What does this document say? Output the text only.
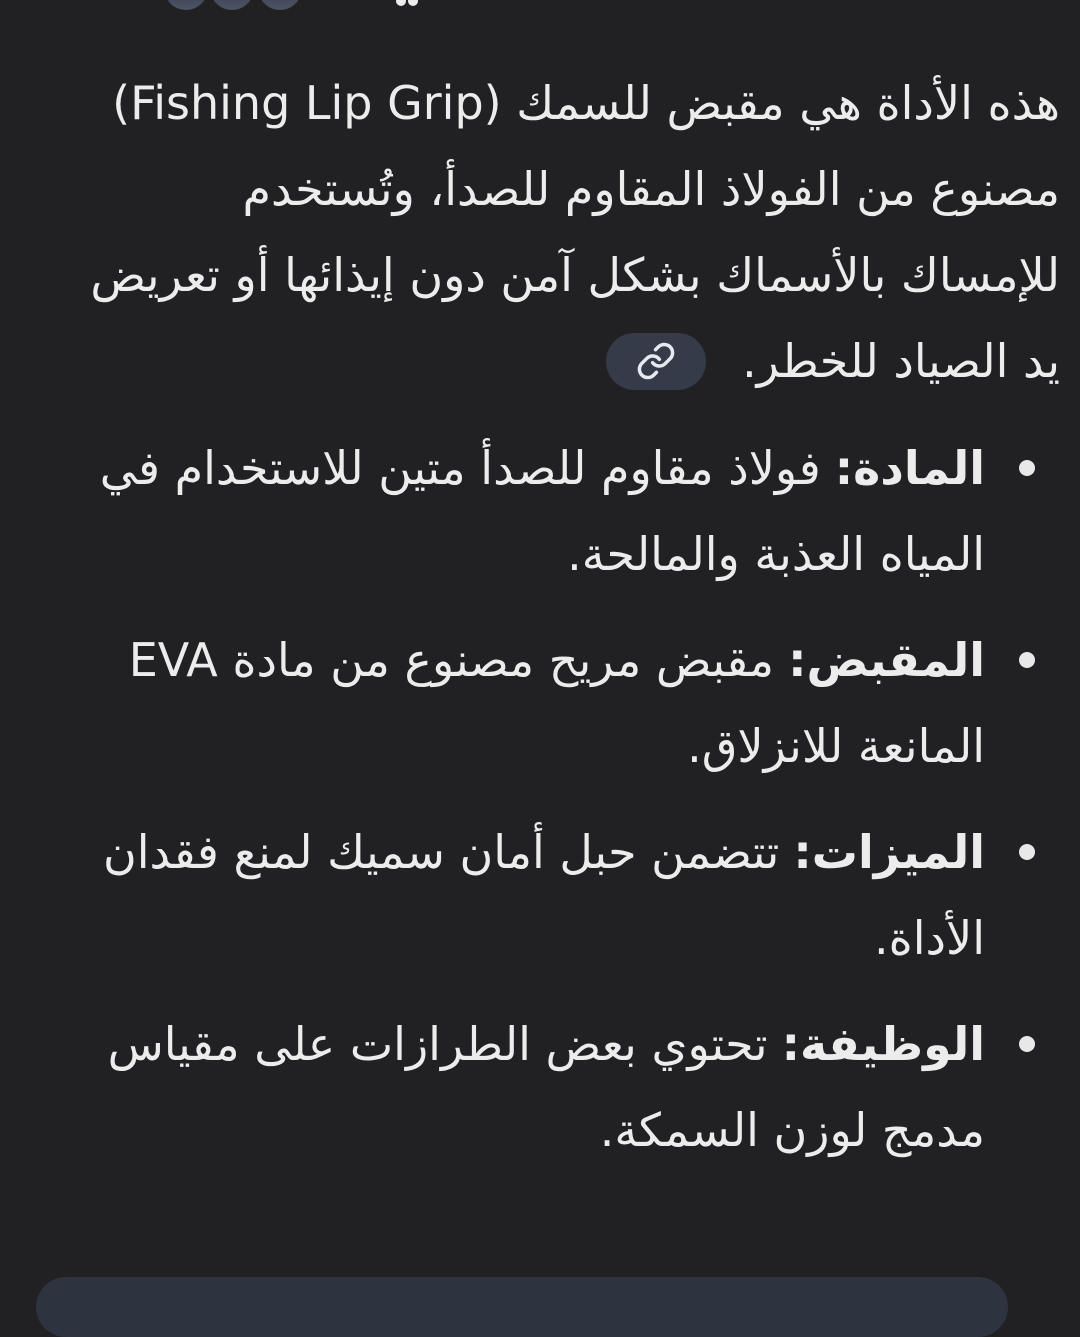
هذه الأداة هي مقبض للسمك (Fishing Lip Grip)
مصنوع من الفولاذ المقاوم للصدأ، وتُستخدم
للإمساك بالأسماك بشكل آمن دون إيذائها أو تعريض
يد الصياد للخطر.
المادة:فولاذ مقاوم للصدأ متين للاستخدام في
المياه العذبة والمالحة.
المقبض:مقبض مريح مصنوع من مادة EVA
المانعة للانزلاق.
الميزات:تتضمن حبل أمان سميك لمنع فقدان
الأداة.
الوظيفة:تحتوي بعض الطرازات على مقياس
مدمج لوزن السمكة.
